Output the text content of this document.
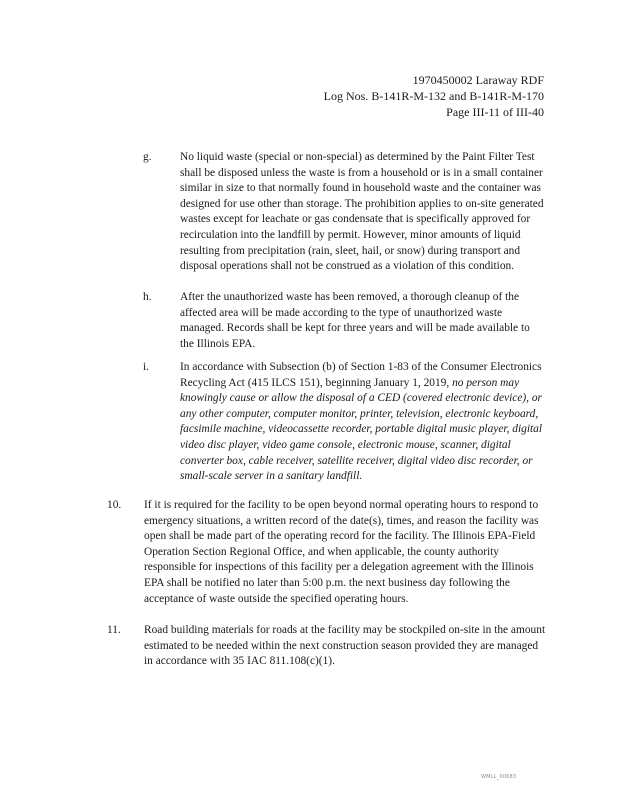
1970450002 Laraway RDF
Log Nos. B-141R-M-132 and B-141R-M-170
Page III-11 of III-40
g. No liquid waste (special or non-special) as determined by the Paint Filter Test shall be disposed unless the waste is from a household or is in a small container similar in size to that normally found in household waste and the container was designed for use other than storage. The prohibition applies to on-site generated wastes except for leachate or gas condensate that is specifically approved for recirculation into the landfill by permit. However, minor amounts of liquid resulting from precipitation (rain, sleet, hail, or snow) during transport and disposal operations shall not be construed as a violation of this condition.
h. After the unauthorized waste has been removed, a thorough cleanup of the affected area will be made according to the type of unauthorized waste managed. Records shall be kept for three years and will be made available to the Illinois EPA.
i.	In accordance with Subsection (b) of Section 1-83 of the Consumer Electronics Recycling Act (415 ILCS 151), beginning January 1, 2019, no person may knowingly cause or allow the disposal of a CED (covered electronic device), or any other computer, computer monitor, printer, television, electronic keyboard, facsimile machine, videocassette recorder, portable digital music player, digital video disc player, video game console, electronic mouse, scanner, digital converter box, cable receiver, satellite receiver, digital video disc recorder, or small-scale server in a sanitary landfill.
10. If it is required for the facility to be open beyond normal operating hours to respond to emergency situations, a written record of the date(s), times, and reason the facility was open shall be made part of the operating record for the facility. The Illinois EPA-Field Operation Section Regional Office, and when applicable, the county authority responsible for inspections of this facility per a delegation agreement with the Illinois EPA shall be notified no later than 5:00 p.m. the next business day following the acceptance of waste outside the specified operating hours.
11. Road building materials for roads at the facility may be stockpiled on-site in the amount estimated to be needed within the next construction season provided they are managed in accordance with 35 IAC 811.108(c)(1).
WMLL_00683
